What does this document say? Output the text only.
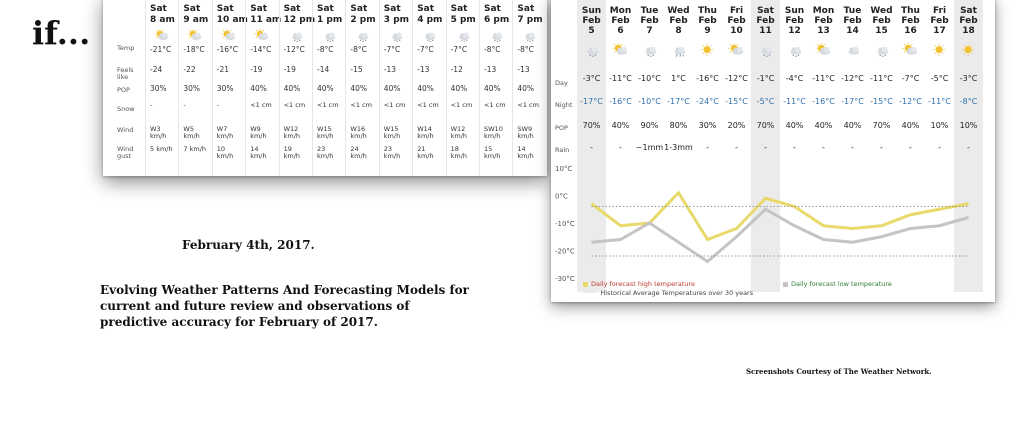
if...	Temp
Feels like
POP
Snow
Wind
Wind gust
Sat
8 am
-21°C
-24
30%
-
W3 km/h
5 km/h
Sat
9 am
-18°C
-22
30%
-
W5 km/h
7 km/h
Sat
10 am
-16°C
-21
30%
-
W7 km/h
10 km/h
Sat
11 am
-14°C
-19
40%
<1 cm
W9 km/h
14 km/h
Sat
12 pm
-12°C
-19
40%
<1 cm
W12 km/h
19 km/h
Sat
1 pm
-8°C
-14
40%
<1 cm
W15 km/h
23 km/h
Sat
2 pm
-8°C
-15
40%
<1 cm
W16 km/h
24 km/h
Sat
3 pm
-7°C
-13
40%
<1 cm
W15 km/h
23 km/h
Sat
4 pm
-7°C
-13
40%
<1 cm
W14 km/h
21 km/h
Sat
5 pm
-7°C
-12
40%
<1 cm
W12 km/h
18 km/h
Sat
6 pm
-8°C
-13
40%
<1 cm
SW10 km/h
15 km/h
Sat
7 pm
-8°C
-13
40%
<1 cm
SW9 km/h
14 km/h
Day
Night
POP
Rain
Sun
Feb
5
-3°C
-17°C
70%
-
Mon
Feb
6
-11°C
-16°C
40%
-
Tue
Feb
7
-10°C
-10°C
90%
~1mm
Wed
Feb
8
1°C
-17°C
80%
1-3mm
Thu
Feb
9
-16°C
-24°C
30%
-
Fri
Feb
10
-12°C
-15°C
20%
-
Sat
Feb
11
-1°C
-5°C
70%
-
Sun
Feb
12
-4°C
-11°C
40%
-
Mon
Feb
13
-11°C
-16°C
40%
-
Tue
Feb
14
-12°C
-17°C
40%
-
Wed
Feb
15
-11°C
-15°C
70%
-
Thu
Feb
16
-7°C
-12°C
40%
-
Fri
Feb
17
-5°C
-11°C
10%
-
Sat
Feb
18
-3°C
-8°C
10%
-
10°C
0°C
-10°C
-20°C
-30°C
Daily forecast high temperature	Daily forecast low temperature
····· Historical Average Temperatures over 30 years
February 4th, 2017.
Evolving Weather Patterns And Forecasting Models for current and future review and observations of predictive accuracy for February of 2017.
Screenshots Courtesy of The Weather Network.
